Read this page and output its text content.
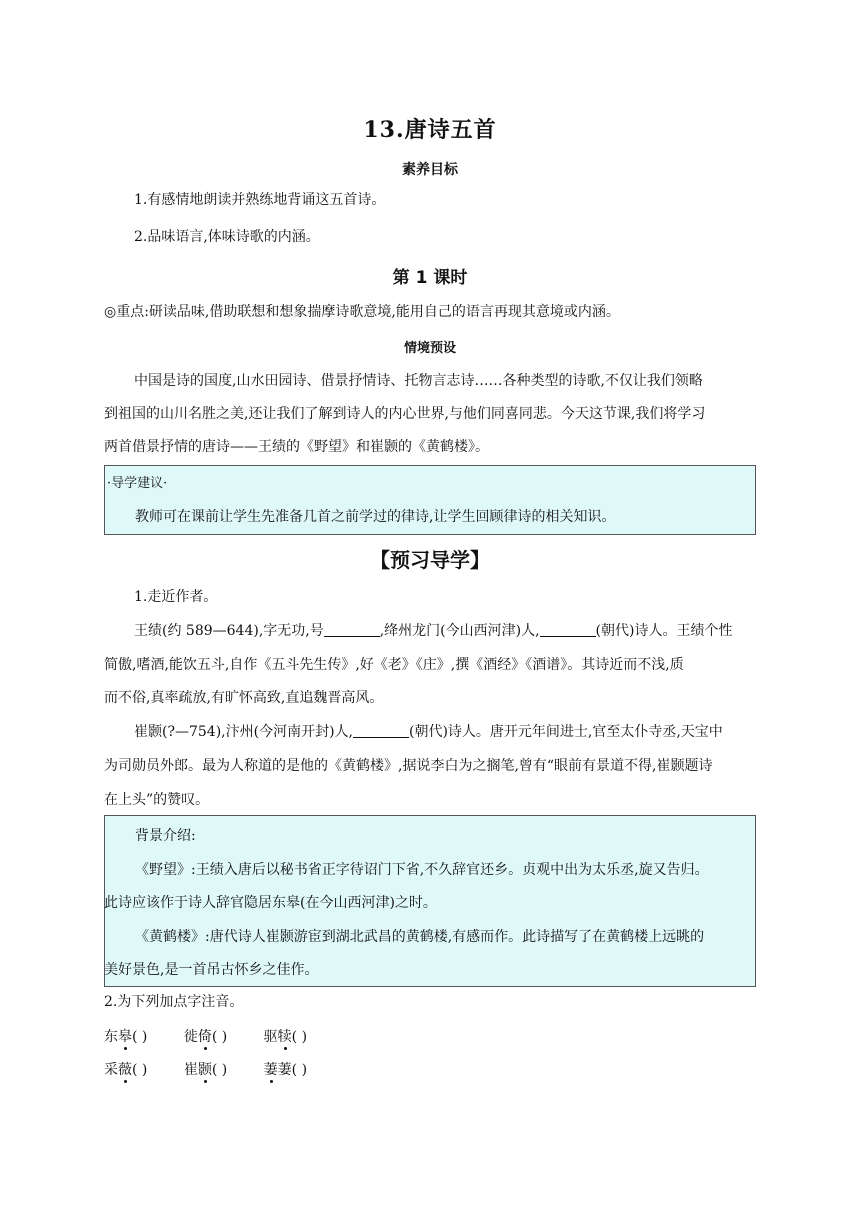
13.唐诗五首
素养目标
1.有感情地朗读并熟练地背诵这五首诗。
2.品味语言,体味诗歌的内涵。
第 1 课时
◎重点:研读品味,借助联想和想象揣摩诗歌意境,能用自己的语言再现其意境或内涵。
情境预设
中国是诗的国度,山水田园诗、借景抒情诗、托物言志诗……各种类型的诗歌,不仅让我们领略
到祖国的山川名胜之美,还让我们了解到诗人的内心世界,与他们同喜同悲。今天这节课,我们将学习
两首借景抒情的唐诗——王绩的《野望》和崔颢的《黄鹤楼》。
·导学建议·
教师可在课前让学生先准备几首之前学过的律诗,让学生回顾律诗的相关知识。
【预习导学】
1.走近作者。
王绩(约 589—644),字无功,号	,绛州龙门(今山西河津)人,	(朝代)诗人。王绩个性
简傲,嗜酒,能饮五斗,自作《五斗先生传》,好《老》《庄》,撰《酒经》《酒谱》。其诗近而不浅,质
而不俗,真率疏放,有旷怀高致,直追魏晋高风。
崔颢(?—754),汴州(今河南开封)人,	(朝代)诗人。唐开元年间进士,官至太仆寺丞,天宝中
为司勋员外郎。最为人称道的是他的《黄鹤楼》,据说李白为之搁笔,曾有“眼前有景道不得,崔颢题诗
在上头”的赞叹。
背景介绍:
《野望》:王绩入唐后以秘书省正字待诏门下省,不久辞官还乡。贞观中出为太乐丞,旋又告归。
此诗应该作于诗人辞官隐居东皋(在今山西河津)之时。
《黄鹤楼》:唐代诗人崔颢游宦到湖北武昌的黄鹤楼,有感而作。此诗描写了在黄鹤楼上远眺的
美好景色,是一首吊古怀乡之佳作。
2.为下列加点字注音。
东皋( )	徙倚( )	驱犊( )
采薇( )	崔颢( )	萋萋( )
